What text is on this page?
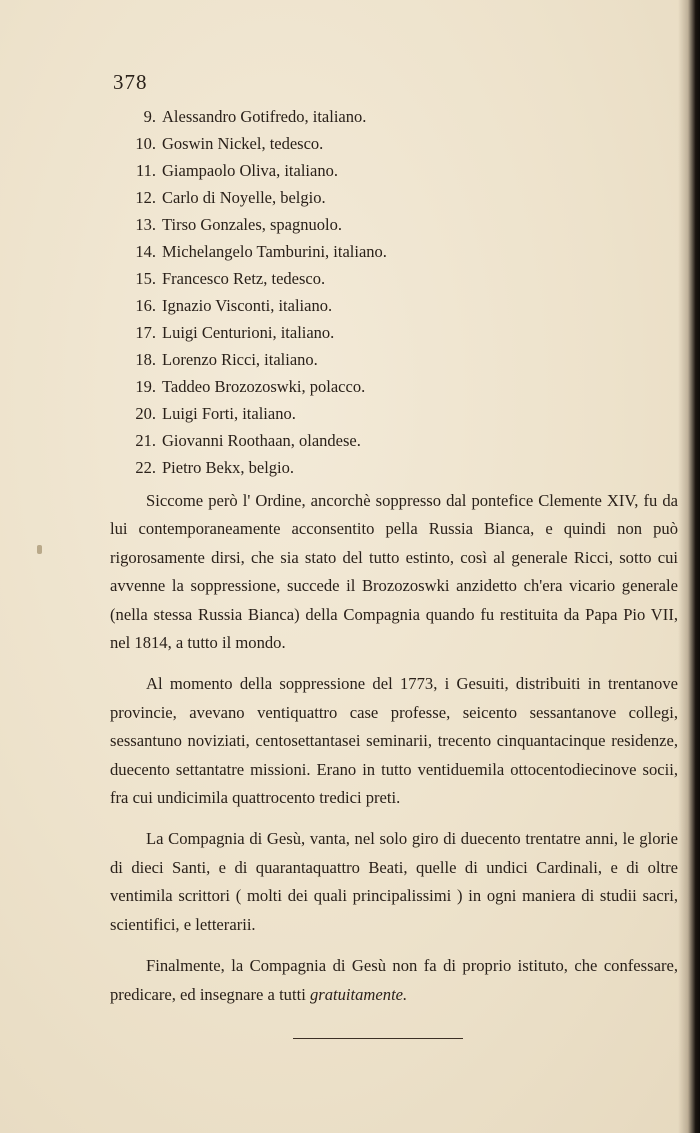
378
9. Alessandro Gotifredo, italiano.
10. Goswin Nickel, tedesco.
11. Giampaolo Oliva, italiano.
12. Carlo di Noyelle, belgio.
13. Tirso Gonzales, spagnuolo.
14. Michelangelo Tamburini, italiano.
15. Francesco Retz, tedesco.
16. Ignazio Visconti, italiano.
17. Luigi Centurioni, italiano.
18. Lorenzo Ricci, italiano.
19. Taddeo Brozozoswki, polacco.
20. Luigi Forti, italiano.
21. Giovanni Roothaan, olandese.
22. Pietro Bekx, belgio.

Siccome però l' Ordine, ancorchè soppresso dal pontefice Clemente XIV, fu da lui contemporaneamente acconsentito pella Russia Bianca, e quindi non può rigorosamente dirsi, che sia stato del tutto estinto, così al generale Ricci, sotto cui avvenne la soppressione, succede il Brozozoswki anzidetto ch'era vicario generale (nella stessa Russia Bianca) della Compagnia quando fu restituita da Papa Pio VII, nel 1814, a tutto il mondo.

Al momento della soppressione del 1773, i Gesuiti, distribuiti in trentanove provincie, avevano ventiquattro case professe, seicento sessantanove collegi, sessantuno noviziati, centosettantasei seminarii, trecento cinquantacinque residenze, duecento settantatre missioni. Erano in tutto ventiduemila ottocentodiecinove socii, fra cui undicimila quattrocento tredici preti.

La Compagnia di Gesù, vanta, nel solo giro di duecento trentatre anni, le glorie di dieci Santi, e di quarantaquattro Beati, quelle di undici Cardinali, e di oltre ventimila scrittori ( molti dei quali principalissimi ) in ogni maniera di studii sacri, scientifici, e letterarii.

Finalmente, la Compagnia di Gesù non fa di proprio istituto, che confessare, predicare, ed insegnare a tutti gratuitamente.
